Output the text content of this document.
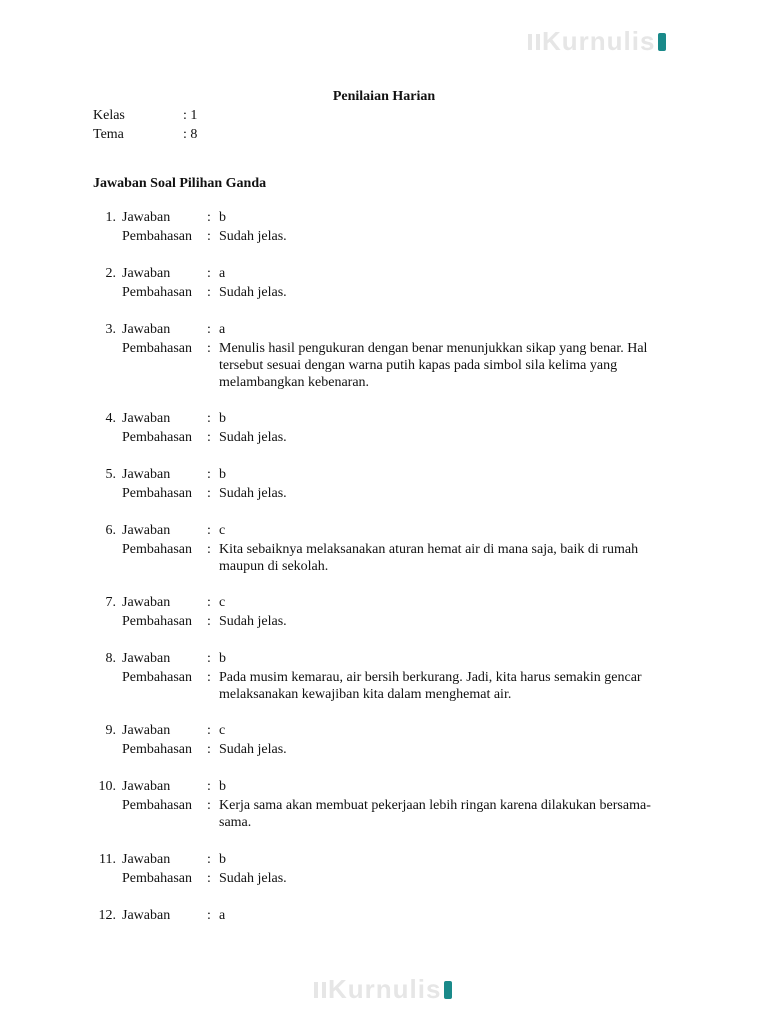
Kurnulis
Penilaian Harian
Kelas	: 1
Tema	: 8
Jawaban Soal Pilihan Ganda
1. Jawaban	: b
Pembahasan : Sudah jelas.
2. Jawaban	: a
Pembahasan : Sudah jelas.
3. Jawaban	: a
Pembahasan : Menulis hasil pengukuran dengan benar menunjukkan sikap yang benar. Hal tersebut sesuai dengan warna putih kapas pada simbol sila kelima yang melambangkan kebenaran.
4. Jawaban	: b
Pembahasan : Sudah jelas.
5. Jawaban	: b
Pembahasan : Sudah jelas.
6. Jawaban	: c
Pembahasan : Kita sebaiknya melaksanakan aturan hemat air di mana saja, baik di rumah maupun di sekolah.
7. Jawaban	: c
Pembahasan : Sudah jelas.
8. Jawaban	: b
Pembahasan : Pada musim kemarau, air bersih berkurang. Jadi, kita harus semakin gencar melaksanakan kewajiban kita dalam menghemat air.
9. Jawaban	: c
Pembahasan : Sudah jelas.
10. Jawaban	: b
Pembahasan : Kerja sama akan membuat pekerjaan lebih ringan karena dilakukan bersama-sama.
11. Jawaban	: b
Pembahasan : Sudah jelas.
12. Jawaban	: a
Kurnulis
